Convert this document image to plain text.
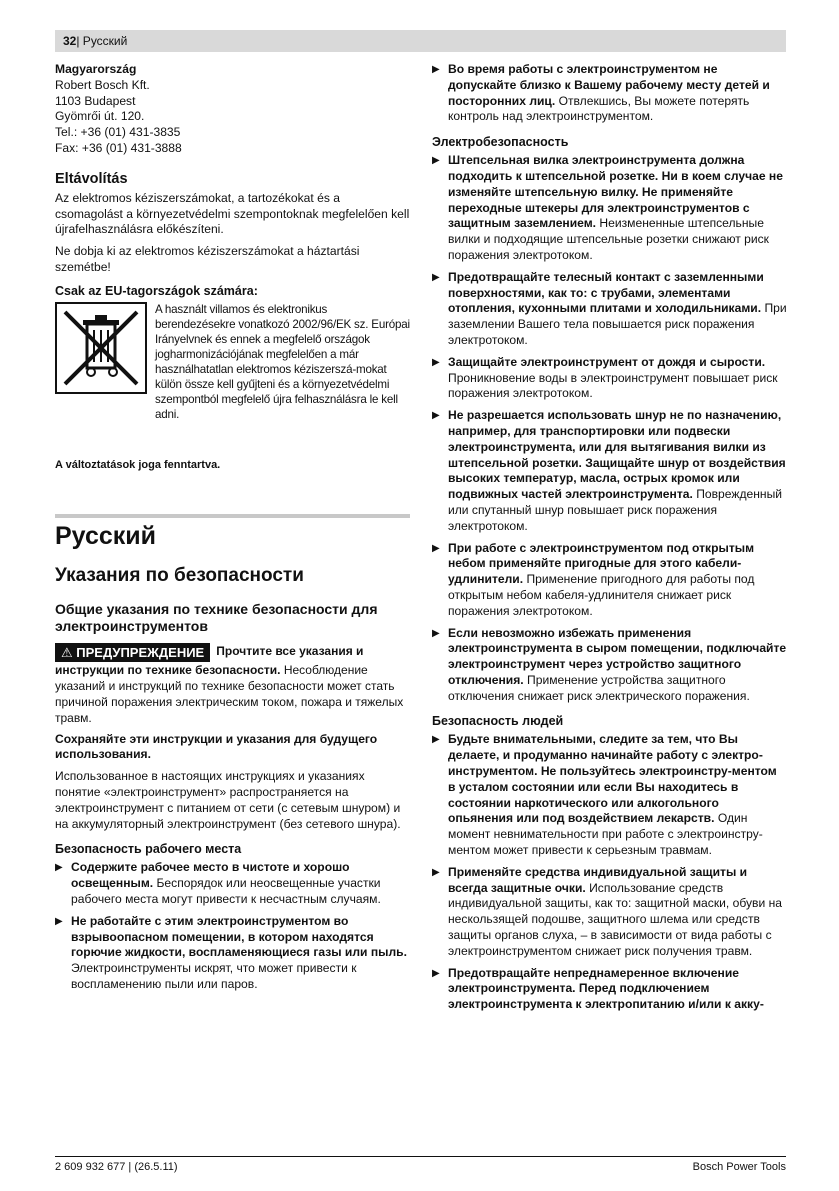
32| Русский

Magyarország

Robert Bosch Kft.

1103 Budapest

Gyömrői út. 120.

Tel.: +36 (01) 431-3835

Fax: +36 (01) 431-3888

Eltávolítás

Az elektromos kéziszerszámokat, a tartozékokat és a csomagolást a környezetvédelmi szempontoknak megfelelően kell újrafelhasználásra előkészíteni.

Ne dobja ki az elektromos kéziszerszámokat a háztartási szemétbe!

Csak az EU-tagországok számára:

A használt villamos és elektronikus berendezésekre vonatkozó 2002/96/EK sz. Európai Irányelvnek és ennek a megfelelő országok jogharmonizációjának megfelelően a már használhatatlan elektromos kéziszerszá-mokat külön össze kell gyűjteni és a környezetvédelmi szempontból megfelelő újra felhasználásra le kell adni.

A változtatások joga fenntartva.

Русский
Указания по безопасности
Общие указания по технике безопасности для электроинструментов

⚠ ПРЕДУПРЕЖДЕНИЕ Прочтите все указания и инструкции по технике безопасности. Несоблюдение указаний и инструкций по технике безопасности может стать причиной поражения электрическим током, пожара и тяжелых травм.

Сохраняйте эти инструкции и указания для будущего использования.

Использованное в настоящих инструкциях и указаниях понятие «электроинструмент» распространяется на электроинструмент с питанием от сети (с сетевым шнуром) и на аккумуляторный электроинструмент (без сетевого шнура).

Безопасность рабочего места
▶ Содержите рабочее место в чистоте и хорошо освещенным. Беспорядок или неосвещенные участки рабочего места могут привести к несчастным случаям.

▶ Не работайте с этим электроинструментом во взрывоопасном помещении, в котором находятся горючие жидкости, воспламеняющиеся газы или пыль. Электроинструменты искрят, что может привести к воспламенению пыли или паров.

▶ Во время работы с электроинструментом не допускайте близко к Вашему рабочему месту детей и посторонних лиц. Отвлекшись, Вы можете потерять контроль над электроинструментом.

Электробезопасность
▶ Штепсельная вилка электроинструмента должна подходить к штепсельной розетке. Ни в коем случае не изменяйте штепсельную вилку. Не применяйте переходные штекеры для электроинструментов с защитным заземлением. Неизмененные штепсельные вилки и подходящие штепсельные розетки снижают риск поражения электротоком.

▶ Предотвращайте телесный контакт с заземленными поверхностями, как то: с трубами, элементами отопления, кухонными плитами и холодильниками. При заземлении Вашего тела повышается риск поражения электротоком.

▶ Защищайте электроинструмент от дождя и сырости. Проникновение воды в электроинструмент повышает риск поражения электротоком.

▶ Не разрешается использовать шнур не по назначению, например, для транспортировки или подвески электроинструмента, или для вытягивания вилки из штепсельной розетки. Защищайте шнур от воздействия высоких температур, масла, острых кромок или подвижных частей электроинструмента. Поврежденный или спутанный шнур повышает риск поражения электротоком.

▶ При работе с электроинструментом под открытым небом применяйте пригодные для этого кабели-удлинители. Применение пригодного для работы под открытым небом кабеля-удлинителя снижает риск поражения электротоком.

▶ Если невозможно избежать применения электроинструмента в сыром помещении, подключайте электроинструмент через устройство защитного отключения. Применение устройства защитного отключения снижает риск электрического поражения.

Безопасность людей
▶ Будьте внимательными, следите за тем, что Вы делаете, и продуманно начинайте работу с электро-инструментом. Не пользуйтесь электроинстру-ментом в усталом состоянии или если Вы находитесь в состоянии наркотического или алкогольного опьянения или под воздействием лекарств. Один момент невнимательности при работе с электроинстру-ментом может привести к серьезным травмам.

▶ Применяйте средства индивидуальной защиты и всегда защитные очки. Использование средств индивидуальной защиты, как то: защитной маски, обуви на нескользящей подошве, защитного шлема или средств защиты органов слуха, – в зависимости от вида работы с электроинструментом снижает риск получения травм.

▶ Предотвращайте непреднамеренное включение электроинструмента. Перед подключением электроинструмента к электропитанию и/или к акку-

2 609 932 677 | (26.5.11)	Bosch Power Tools
